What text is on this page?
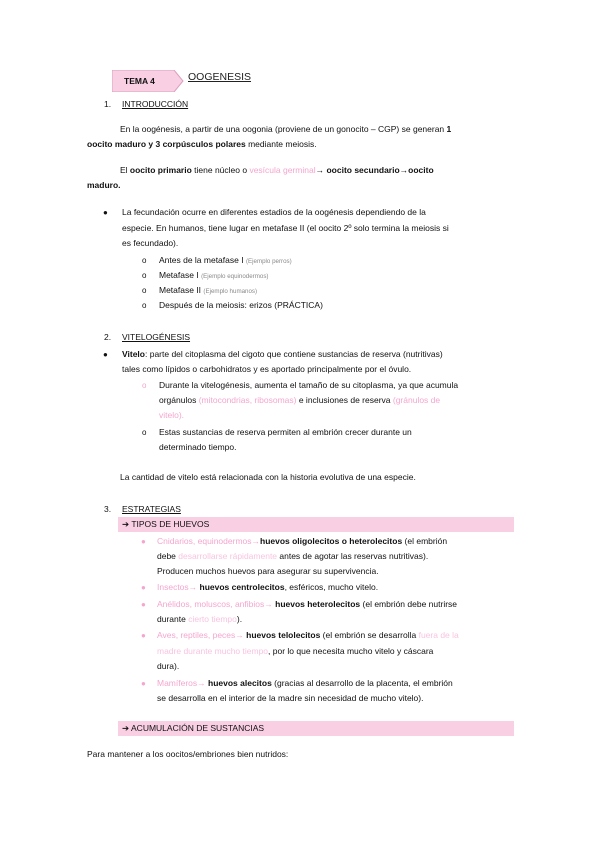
TEMA 4	OOGENESIS
1. INTRODUCCIÓN
En la oogénesis, a partir de una oogonia (proviene de un gonocito – CGP) se generan 1
oocito maduro y 3 corpúsculos polares mediante meiosis.
El oocito primario tiene núcleo o vesícula germinal→ oocito secundario→oocito
maduro.
● La fecundación ocurre en diferentes estadios de la oogénesis dependiendo de la
especie. En humanos, tiene lugar en metafase II (el oocito 2º solo termina la meiosis si
es fecundado).
o Antes de la metafase I (Ejemplo perros)
o Metafase I (Ejemplo equinodermos)
o Metafase II (Ejemplo humanos)
o Después de la meiosis: erizos (PRÁCTICA)
2. VITELOGÉNESIS
● Vitelo: parte del citoplasma del cigoto que contiene sustancias de reserva (nutritivas)
tales como lípidos o carbohidratos y es aportado principalmente por el óvulo.
o Durante la vitelogénesis, aumenta el tamaño de su citoplasma, ya que acumula
orgánulos (mitocondrias, ribosomas) e inclusiones de reserva (gránulos de
vitelo).
o Estas sustancias de reserva permiten al embrión crecer durante un
determinado tiempo.
La cantidad de vitelo está relacionada con la historia evolutiva de una especie.
3. ESTRATEGIAS
➔ TIPOS DE HUEVOS
● Cnidarios, equinodermos→huevos oligolecitos o heterolecitos (el embrión
debe desarrollarse rápidamente antes de agotar las reservas nutritivas).
Producen muchos huevos para asegurar su supervivencia.
● Insectos→ huevos centrolecitos, esféricos, mucho vitelo.
● Anélidos, moluscos, anfibios→ huevos heterolecitos (el embrión debe nutrirse
durante cierto tiempo).
● Aves, reptiles, peces→ huevos telolecitos (el embrión se desarrolla fuera de la
madre durante mucho tiempo, por lo que necesita mucho vitelo y cáscara
dura).
● Mamíferos→ huevos alecitos (gracias al desarrollo de la placenta, el embrión
se desarrolla en el interior de la madre sin necesidad de mucho vitelo).
➔ ACUMULACIÓN DE SUSTANCIAS
Para mantener a los oocitos/embriones bien nutridos:
